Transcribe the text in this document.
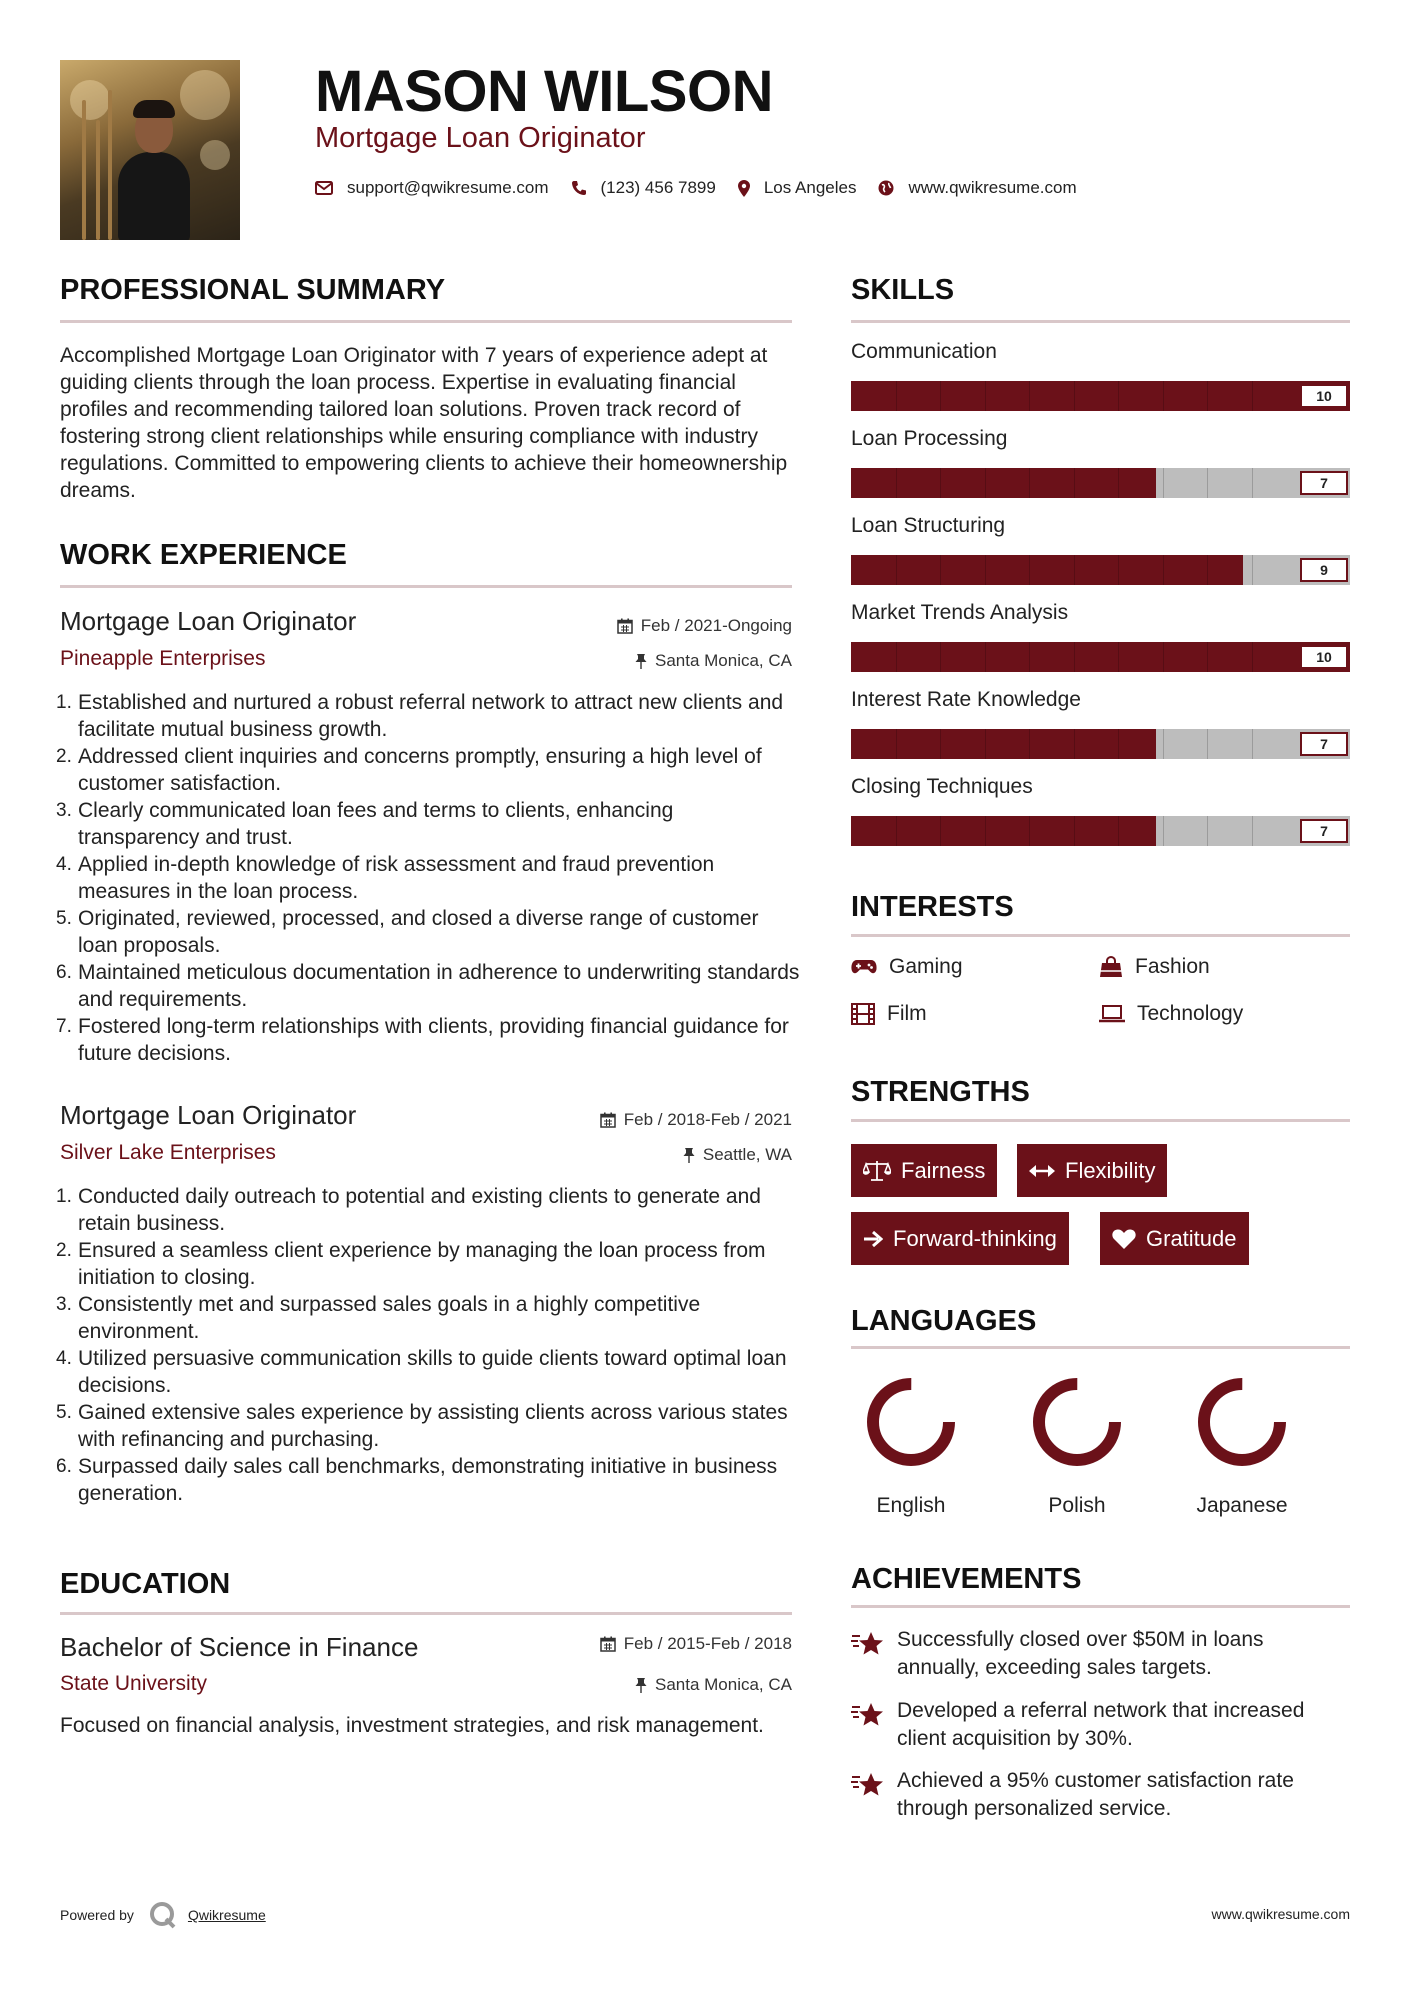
MASON WILSON
Mortgage Loan Originator
support@qwikresume.com	(123) 456 7899	Los Angeles	www.qwikresume.com
PROFESSIONAL SUMMARY
Accomplished Mortgage Loan Originator with 7 years of experience adept at guiding clients through the loan process. Expertise in evaluating financial profiles and recommending tailored loan solutions. Proven track record of fostering strong client relationships while ensuring compliance with industry regulations. Committed to empowering clients to achieve their homeownership dreams.
WORK EXPERIENCE
Mortgage Loan Originator	Feb / 2021-Ongoing
Pineapple Enterprises	Santa Monica, CA
Established and nurtured a robust referral network to attract new clients and facilitate mutual business growth.
Addressed client inquiries and concerns promptly, ensuring a high level of customer satisfaction.
Clearly communicated loan fees and terms to clients, enhancing transparency and trust.
Applied in-depth knowledge of risk assessment and fraud prevention measures in the loan process.
Originated, reviewed, processed, and closed a diverse range of customer loan proposals.
Maintained meticulous documentation in adherence to underwriting standards and requirements.
Fostered long-term relationships with clients, providing financial guidance for future decisions.
Mortgage Loan Originator	Feb / 2018-Feb / 2021
Silver Lake Enterprises	Seattle, WA
Conducted daily outreach to potential and existing clients to generate and retain business.
Ensured a seamless client experience by managing the loan process from initiation to closing.
Consistently met and surpassed sales goals in a highly competitive environment.
Utilized persuasive communication skills to guide clients toward optimal loan decisions.
Gained extensive sales experience by assisting clients across various states with refinancing and purchasing.
Surpassed daily sales call benchmarks, demonstrating initiative in business generation.
EDUCATION
Bachelor of Science in Finance	Feb / 2015-Feb / 2018
State University	Santa Monica, CA
Focused on financial analysis, investment strategies, and risk management.
SKILLS
Communication
10
Loan Processing
7
Loan Structuring
9
Market Trends Analysis
10
Interest Rate Knowledge
7
Closing Techniques
7
INTERESTS
Gaming	Fashion
Film	Technology
STRENGTHS
Fairness	Flexibility
Forward-thinking	Gratitude
LANGUAGES
English	Polish	Japanese
ACHIEVEMENTS
Successfully closed over $50M in loans annually, exceeding sales targets.
Developed a referral network that increased client acquisition by 30%.
Achieved a 95% customer satisfaction rate through personalized service.
Powered by	Qwikresume	www.qwikresume.com
